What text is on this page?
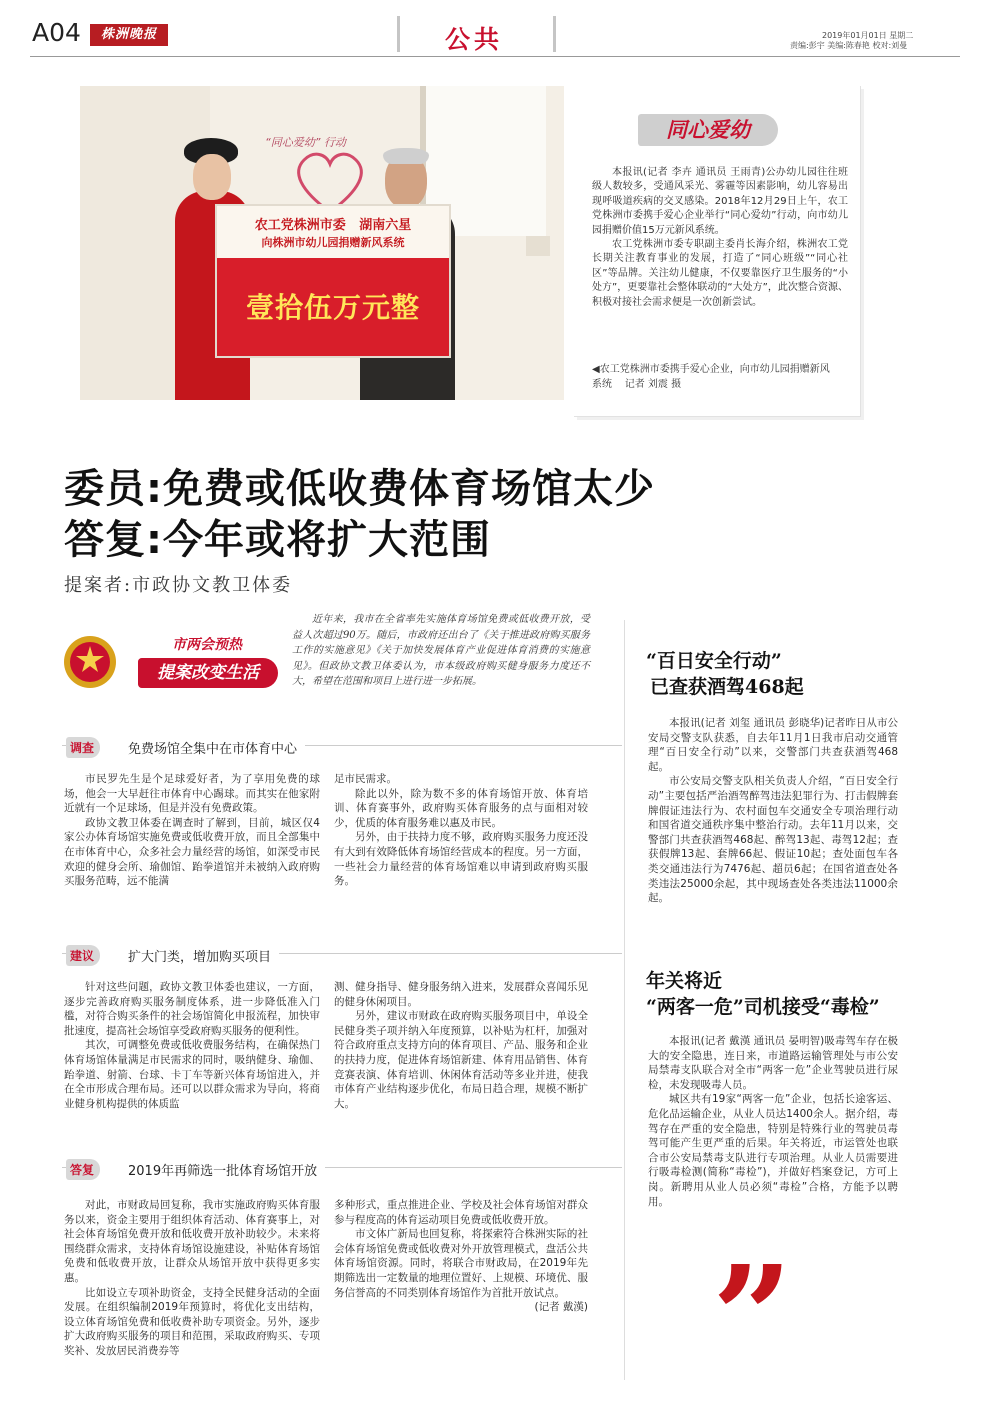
A04	株洲晚报	公共	2019年01月01日 星期二
责编:彭宇 美编:陈春艳 校对:刘曼
“同心爱幼” 行动
农工党株洲市委   湖南六星
向株洲市幼儿园捐赠新风系统
壹拾伍万元整
同心爱幼

本报讯(记者 李卉 通讯员 王雨青)公办幼儿园往往班级人数较多，受通风采光、雾霾等因素影响，幼儿容易出现呼吸道疾病的交叉感染。2018年12月29日上午，农工党株洲市委携手爱心企业举行“同心爱幼”行动，向市幼儿园捐赠价值15万元新风系统。

农工党株洲市委专职副主委肖长海介绍，株洲农工党长期关注教育事业的发展，打造了“同心班级”“同心社区”等品牌。关注幼儿健康，不仅要靠医疗卫生服务的“小处方”，更要靠社会整体联动的“大处方”，此次整合资源、积极对接社会需求便是一次创新尝试。

◀农工党株洲市委携手爱心企业，向市幼儿园捐赠新风系统    记者 刘震 摄
委员:免费或低收费体育场馆太少
答复:今年或将扩大范围
提案者:市政协文教卫体委
市两会预热
提案改变生活
近年来，我市在全省率先实施体育场馆免费或低收费开放，受益人次超过90万。随后，市政府还出台了《关于推进政府购买服务工作的实施意见》《关于加快发展体育产业促进体育消费的实施意见》。但政协文教卫体委认为，市本级政府购买健身服务力度还不大，希望在范围和项目上进行进一步拓展。
调查	免费场馆全集中在市体育中心

市民罗先生是个足球爱好者，为了享用免费的球场，他会一大早赶往市体育中心踢球。而其实在他家附近就有一个足球场，但是并没有免费政策。

政协文教卫体委在调查时了解到，目前，城区仅4家公办体育场馆实施免费或低收费开放，而且全部集中在市体育中心，众多社会力量经营的场馆，如深受市民欢迎的健身会所、瑜伽馆、跆拳道馆并未被纳入政府购买服务范畴，远不能满

足市民需求。

除此以外，除为数不多的体育场馆开放、体育培训、体育赛事外，政府购买体育服务的点与面相对较少，优质的体育服务难以惠及市民。

另外，由于扶持力度不够，政府购买服务力度还没有大到有效降低体育场馆经营成本的程度。另一方面，一些社会力量经营的体育场馆难以申请到政府购买服务。

建议	扩大门类，增加购买项目

针对这些问题，政协文教卫体委也建议，一方面，逐步完善政府购买服务制度体系，进一步降低准入门槛，对符合购买条件的社会场馆简化申报流程，加快审批速度，提高社会场馆享受政府购买服务的便利性。

其次，可调整免费或低收费服务结构，在确保热门体育场馆体量满足市民需求的同时，吸纳健身、瑜伽、跆拳道、射箭、台球、卡丁车等新兴体育场馆进入，并在全市形成合理布局。还可以以群众需求为导向，将商业健身机构提供的体质监

测、健身指导、健身服务纳入进来，发展群众喜闻乐见的健身休闲项目。

另外，建议市财政在政府购买服务项目中，单设全民健身类子项并纳入年度预算，以补贴为杠杆，加强对符合政府重点支持方向的体育项目、产品、服务和企业的扶持力度，促进体育场馆新建、体育用品销售、体育竞赛表演、体育培训、休闲体育活动等多业并进，使我市体育产业结构逐步优化，布局日趋合理，规模不断扩大。

答复	2019年再筛选一批体育场馆开放

对此，市财政局回复称，我市实施政府购买体育服务以来，资金主要用于组织体育活动、体育赛事上，对社会体育场馆免费开放和低收费开放补助较少。未来将围绕群众需求，支持体育场馆设施建设，补贴体育场馆免费和低收费开放，让群众从场馆开放中获得更多实惠。

比如设立专项补助资金，支持全民健身活动的全面发展。在组织编制2019年预算时，将优化支出结构，设立体育场馆免费和低收费补助专项资金。另外，逐步扩大政府购买服务的项目和范围，采取政府购买、专项奖补、发放居民消费券等

多种形式，重点推进企业、学校及社会体育场馆对群众参与程度高的体育运动项目免费或低收费开放。

市文体广新局也回复称，将探索符合株洲实际的社会体育场馆免费或低收费对外开放管理模式，盘活公共体育场馆资源。同时，将联合市财政局，在2019年先期筛选出一定数量的地理位置好、上规模、环境优、服务信誉高的不同类别体育场馆作为首批开放试点。

(记者 戴漢)

“百日安全行动”
已查获酒驾468起

本报讯(记者 刘玺 通讯员 彭晓华)记者昨日从市公安局交警支队获悉，自去年11月1日我市启动交通管理“百日安全行动”以来，交警部门共查获酒驾468起。

市公安局交警支队相关负责人介绍，“百日安全行动”主要包括严治酒驾醉驾违法犯罪行为、打击假牌套牌假证违法行为、农村面包车交通安全专项治理行动和国省道交通秩序集中整治行动。去年11月以来，交警部门共查获酒驾468起、醉驾13起、毒驾12起；查获假牌13起、套牌66起、假证10起；查处面包车各类交通违法行为7476起、超员6起；在国省道查处各类违法25000余起，其中现场查处各类违法11000余起。

年关将近
“两客一危”司机接受“毒检”

本报讯(记者 戴漢 通讯员 晏明智)吸毒驾车存在极大的安全隐患，连日来，市道路运输管理处与市公安局禁毒支队联合对全市“两客一危”企业驾驶员进行尿检，未发现吸毒人员。

城区共有19家“两客一危”企业，包括长途客运、危化品运输企业，从业人员达1400余人。据介绍，毒驾存在严重的安全隐患，特别是特殊行业的驾驶员毒驾可能产生更严重的后果。年关将近，市运管处也联合市公安局禁毒支队进行专项治理。从业人员需要进行吸毒检测(简称“毒检”)，并做好档案登记，方可上岗。新聘用从业人员必须“毒检”合格，方能予以聘用。

”
